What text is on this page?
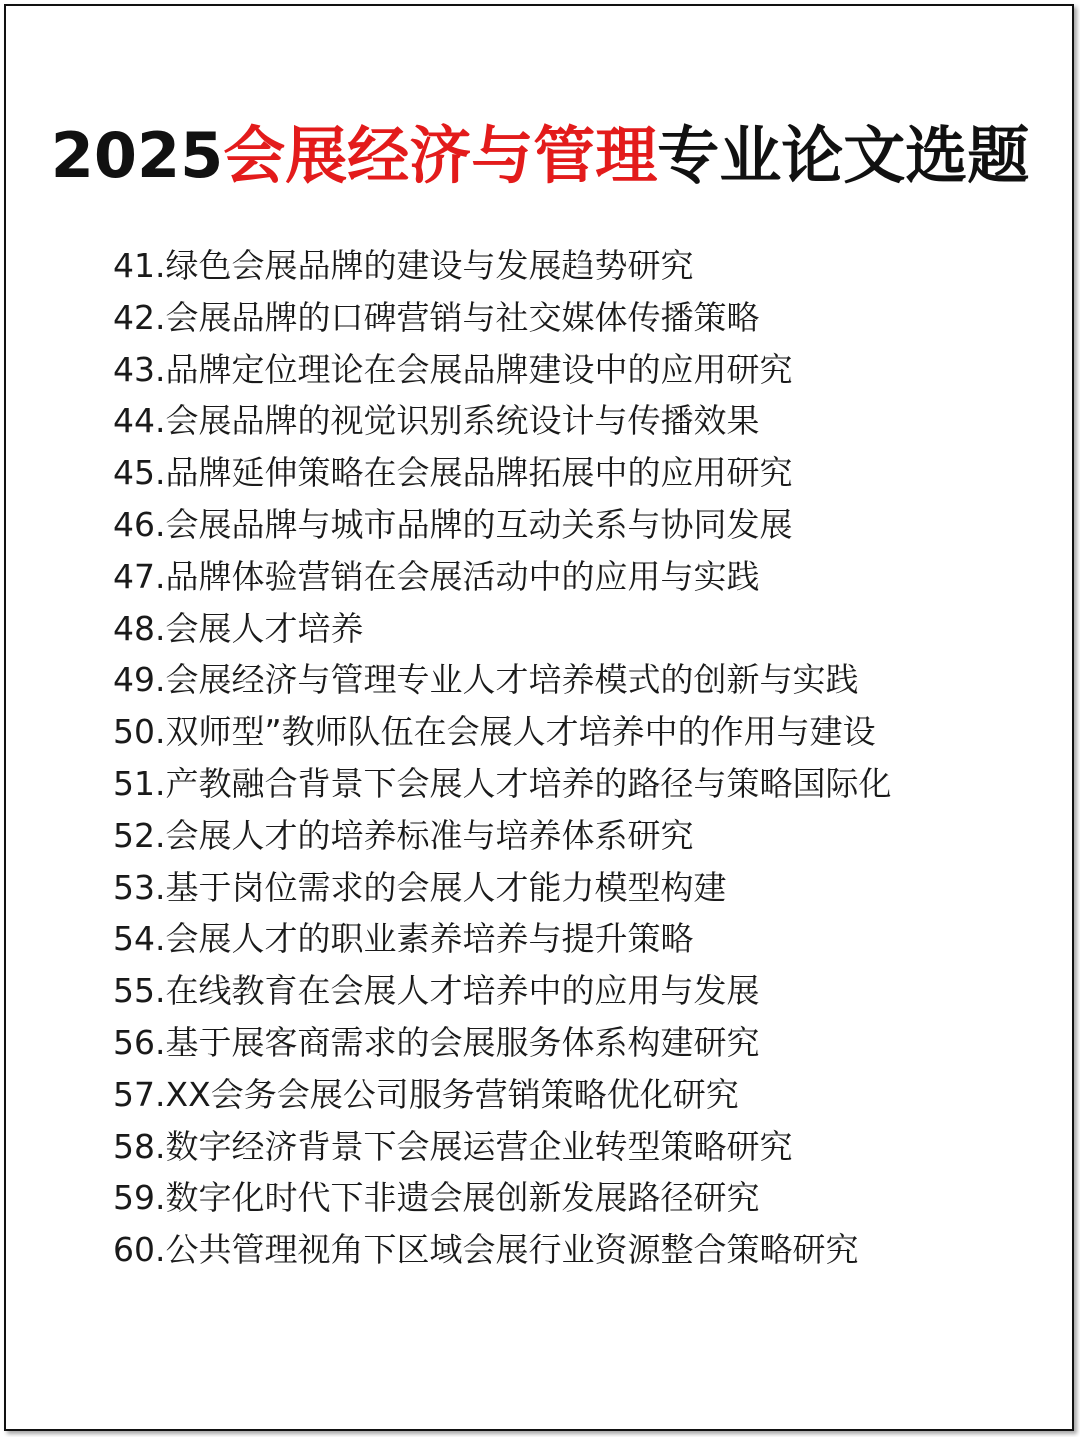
2025会展经济与管理专业论文选题
41.绿色会展品牌的建设与发展趋势研究
42.会展品牌的口碑营销与社交媒体传播策略
43.品牌定位理论在会展品牌建设中的应用研究
44.会展品牌的视觉识别系统设计与传播效果
45.品牌延伸策略在会展品牌拓展中的应用研究
46.会展品牌与城市品牌的互动关系与协同发展
47.品牌体验营销在会展活动中的应用与实践
48.会展人才培养
49.会展经济与管理专业人才培养模式的创新与实践
50.双师型”教师队伍在会展人才培养中的作用与建设
51.产教融合背景下会展人才培养的路径与策略国际化
52.会展人才的培养标准与培养体系研究
53.基于岗位需求的会展人才能力模型构建
54.会展人才的职业素养培养与提升策略
55.在线教育在会展人才培养中的应用与发展
56.基于展客商需求的会展服务体系构建研究
57.XX会务会展公司服务营销策略优化研究
58.数字经济背景下会展运营企业转型策略研究
59.数字化时代下非遗会展创新发展路径研究
60.公共管理视角下区域会展行业资源整合策略研究
